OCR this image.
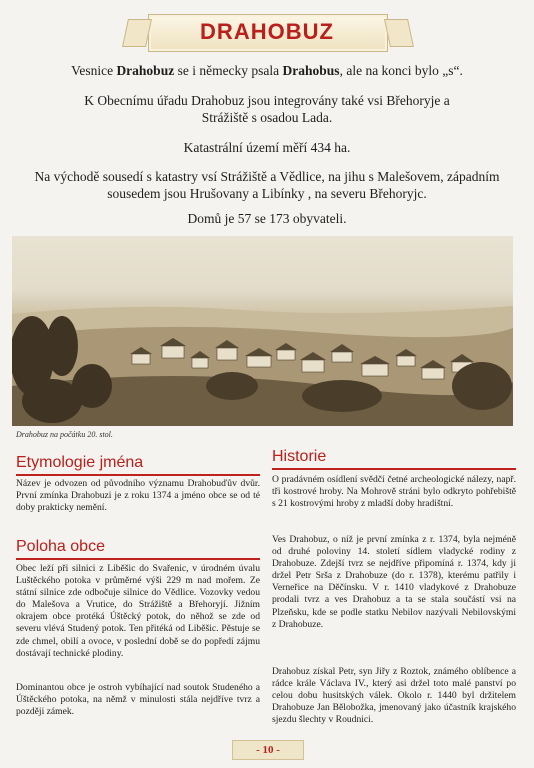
DRAHOBUZ

Vesnice Drahobuz se i německy psala Drahobus, ale na konci bylo „s“.

K Obecnímu úřadu Drahobuz jsou integrovány také vsi Břehoryje a Strážiště s osadou Lada.

Katastrální území měří 434 ha.

Na východě sousedí s katastry vsí Strážiště a Vědlice, na jihu s Malešovem, západním sousedem jsou Hrušovany a Libínky , na severu Břehoryjc.

Domů je 57 se 173 obyvateli.

Drahobuz na počátku 20. stol.
Etymologie jména

Název je odvozen od původního významu Drahobuďův dvůr. První zmínka Drahobuzi je z roku 1374 a jméno obce se od té doby prakticky nemění.

Poloha obce

Obec leží při silnici z Liběšic do Svařenic, v úrodném úvalu Luštěckého potoka v průměrné výši 229 m nad mořem. Ze státní silnice zde odbočuje silnice do Vědlice. Vozovky vedou do Malešova a Vrutice, do Strážiště a Břehoryjí. Jižním okrajem obce protéká Úštěcký potok, do něhož se zde od severu vlévá Studený potok. Ten přitéká od Liběšic. Pěstuje se zde chmel, obilí a ovoce, v poslední době se do popředí zájmu dostávají technické plodiny.

Dominantou obce je ostroh vybíhající nad soutok Studeného a Úštěckého potoka, na němž v minulosti stála nejdříve tvrz a později zámek.

Historie

O pradávném osídlení svědčí četné archeologické nálezy, např. tři kostrové hroby. Na Mohrově stráni bylo odkryto pohřebiště s 21 kostrovými hroby z mladší doby hradištní.

Ves Drahobuz, o níž je první zmínka z r. 1374, byla nejméně od druhé poloviny 14. století sídlem vladycké rodiny z Drahobuze. Zdejší tvrz se nejdříve připomíná r. 1374, kdy ji držel Petr Srša z Drahobuze (do r. 1378), kterému patřily i Verneřice na Děčínsku. V r. 1410 vladykové z Drahobuze prodali tvrz a ves Drahobuz a ta se stala součástí vsi na Plzeňsku, kde se podle statku Nebilov nazývali Nebilovskými z Drahobuze.

Drahobuz získal Petr, syn Jiřy z Roztok, známého oblíbence a rádce krále Václava IV., který asi držel toto malé panství po celou dobu husitských válek. Okolo r. 1440 byl držitelem Drahobuze Jan Bělobožka, jmenovaný jako účastník krajského sjezdu šlechty v Roudnici.

- 10 -
